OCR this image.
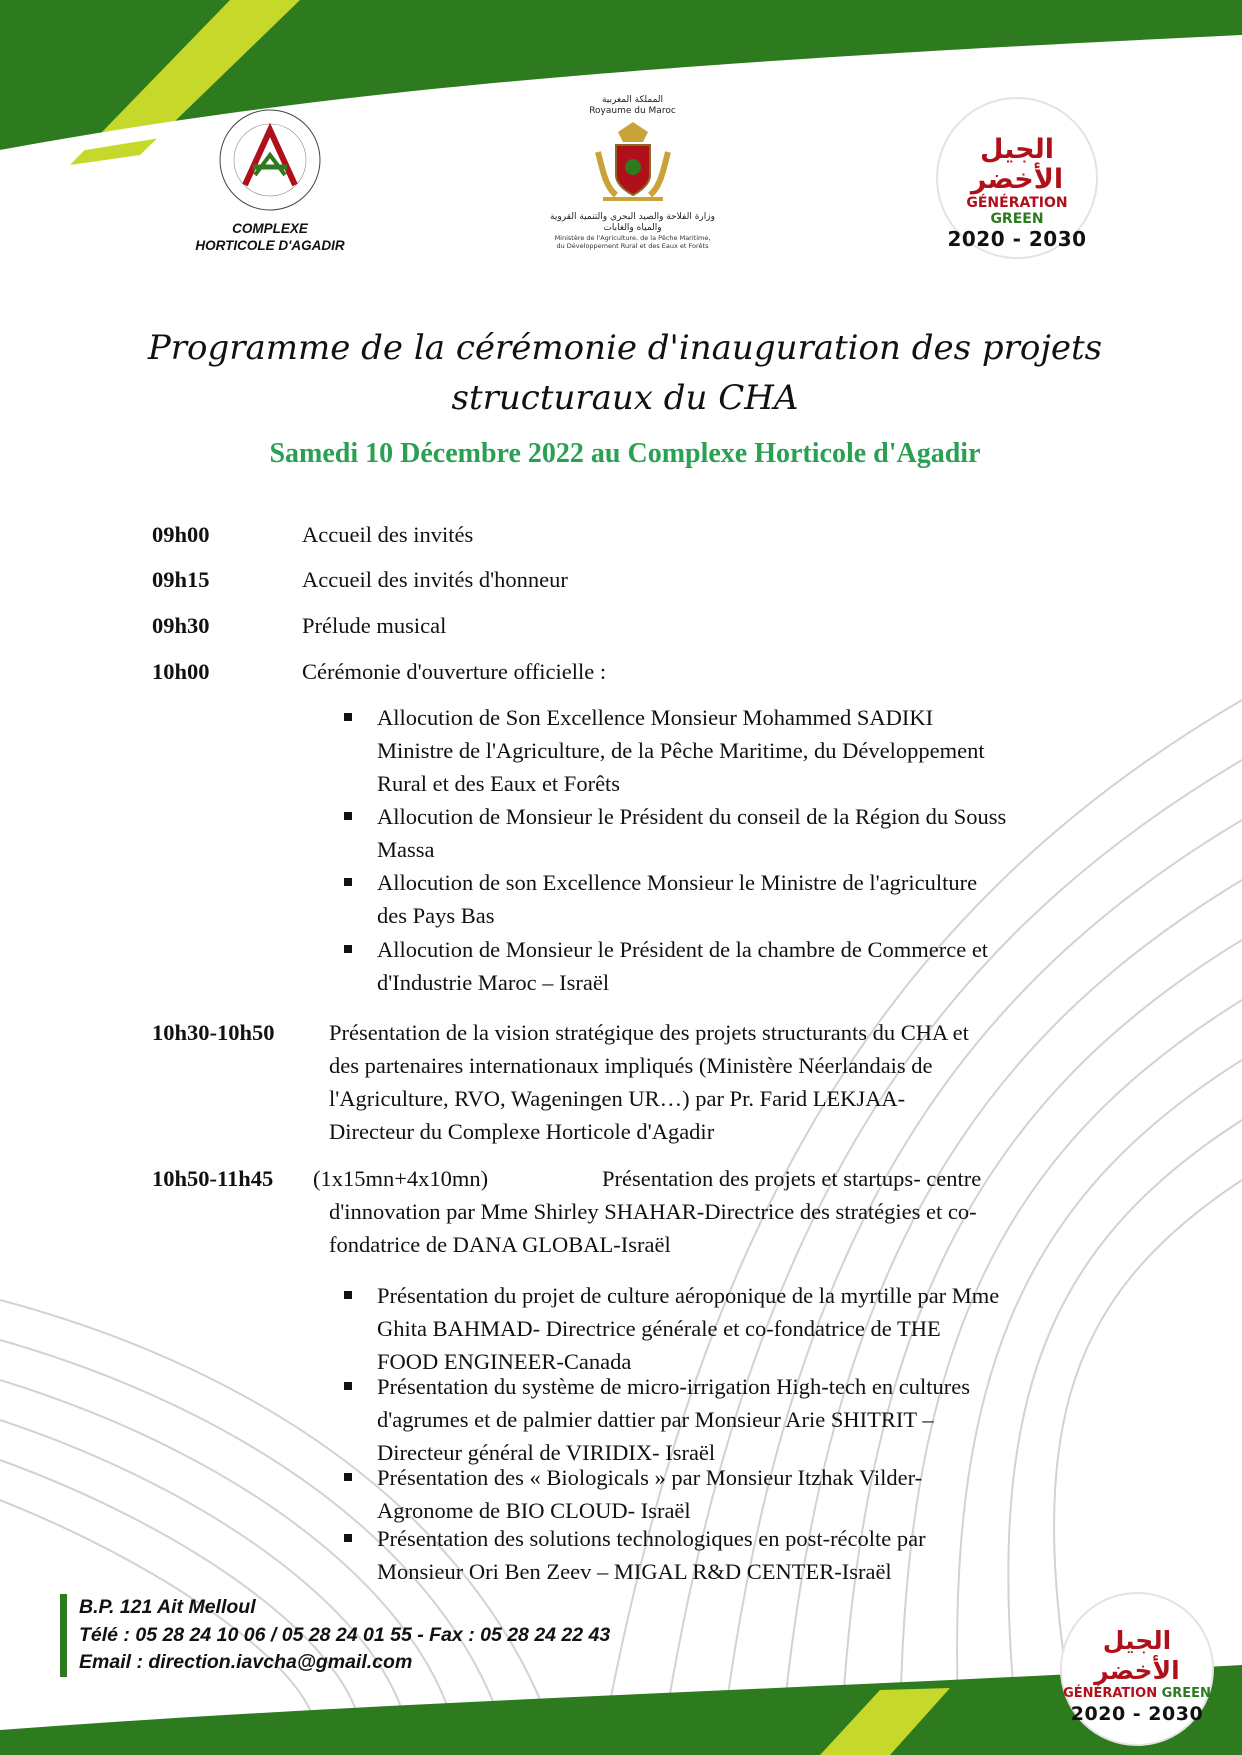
COMPLEXE
HORTICOLE D'AGADIR
المملكة المغربية
Royaume du Maroc
وزارة الفلاحة والصيد البحري والتنمية القروية والمياه والغابات
Ministère de l'Agriculture, de la Pêche Maritime,
du Développement Rural et des Eaux et Forêts
الجيل الأخضر
GÉNÉRATION GREEN
2020 - 2030
Programme de la cérémonie d'inauguration des projets
structuraux du CHA
Samedi 10 Décembre 2022 au Complexe Horticole d'Agadir
09h00	Accueil des invités
09h15	Accueil des invités d'honneur
09h30	Prélude musical
10h00	Cérémonie d'ouverture officielle :
Allocution de Son Excellence Monsieur Mohammed SADIKI
Ministre de l'Agriculture, de la Pêche Maritime, du Développement
Rural et des Eaux et Forêts
Allocution de Monsieur le Président du conseil de la Région du Souss
Massa
Allocution de son Excellence Monsieur le Ministre de l'agriculture
des Pays Bas
Allocution de Monsieur le Président de la chambre de Commerce et
d'Industrie Maroc – Israël
10h30-10h50 Présentation de la vision stratégique des projets structurants du CHA et
des partenaires internationaux impliqués (Ministère Néerlandais de
l'Agriculture, RVO, Wageningen UR…) par Pr. Farid LEKJAA-
Directeur du Complexe Horticole d'Agadir
10h50-11h45 (1x15mn+4x10mn)	Présentation des projets et startups- centre
d'innovation par Mme Shirley SHAHAR-Directrice des stratégies et co-
fondatrice de DANA GLOBAL-Israël
Présentation du projet de culture aéroponique de la myrtille par Mme
Ghita BAHMAD- Directrice générale et co-fondatrice de THE
FOOD ENGINEER-Canada
Présentation du système de micro-irrigation High-tech en cultures
d'agrumes et de palmier dattier par Monsieur Arie SHITRIT –
Directeur général de VIRIDIX- Israël
Présentation des « Biologicals » par Monsieur Itzhak Vilder-
Agronome de BIO CLOUD- Israël
Présentation des solutions technologiques en post-récolte par
Monsieur Ori Ben Zeev – MIGAL R&D CENTER-Israël
B.P. 121 Ait Melloul
Télé : 05 28 24 10 06 / 05 28 24 01 55 - Fax : 05 28 24 22 43
Email : direction.iavcha@gmail.com
الجيل الأخضر
GÉNÉRATION GREEN
2020 - 2030
